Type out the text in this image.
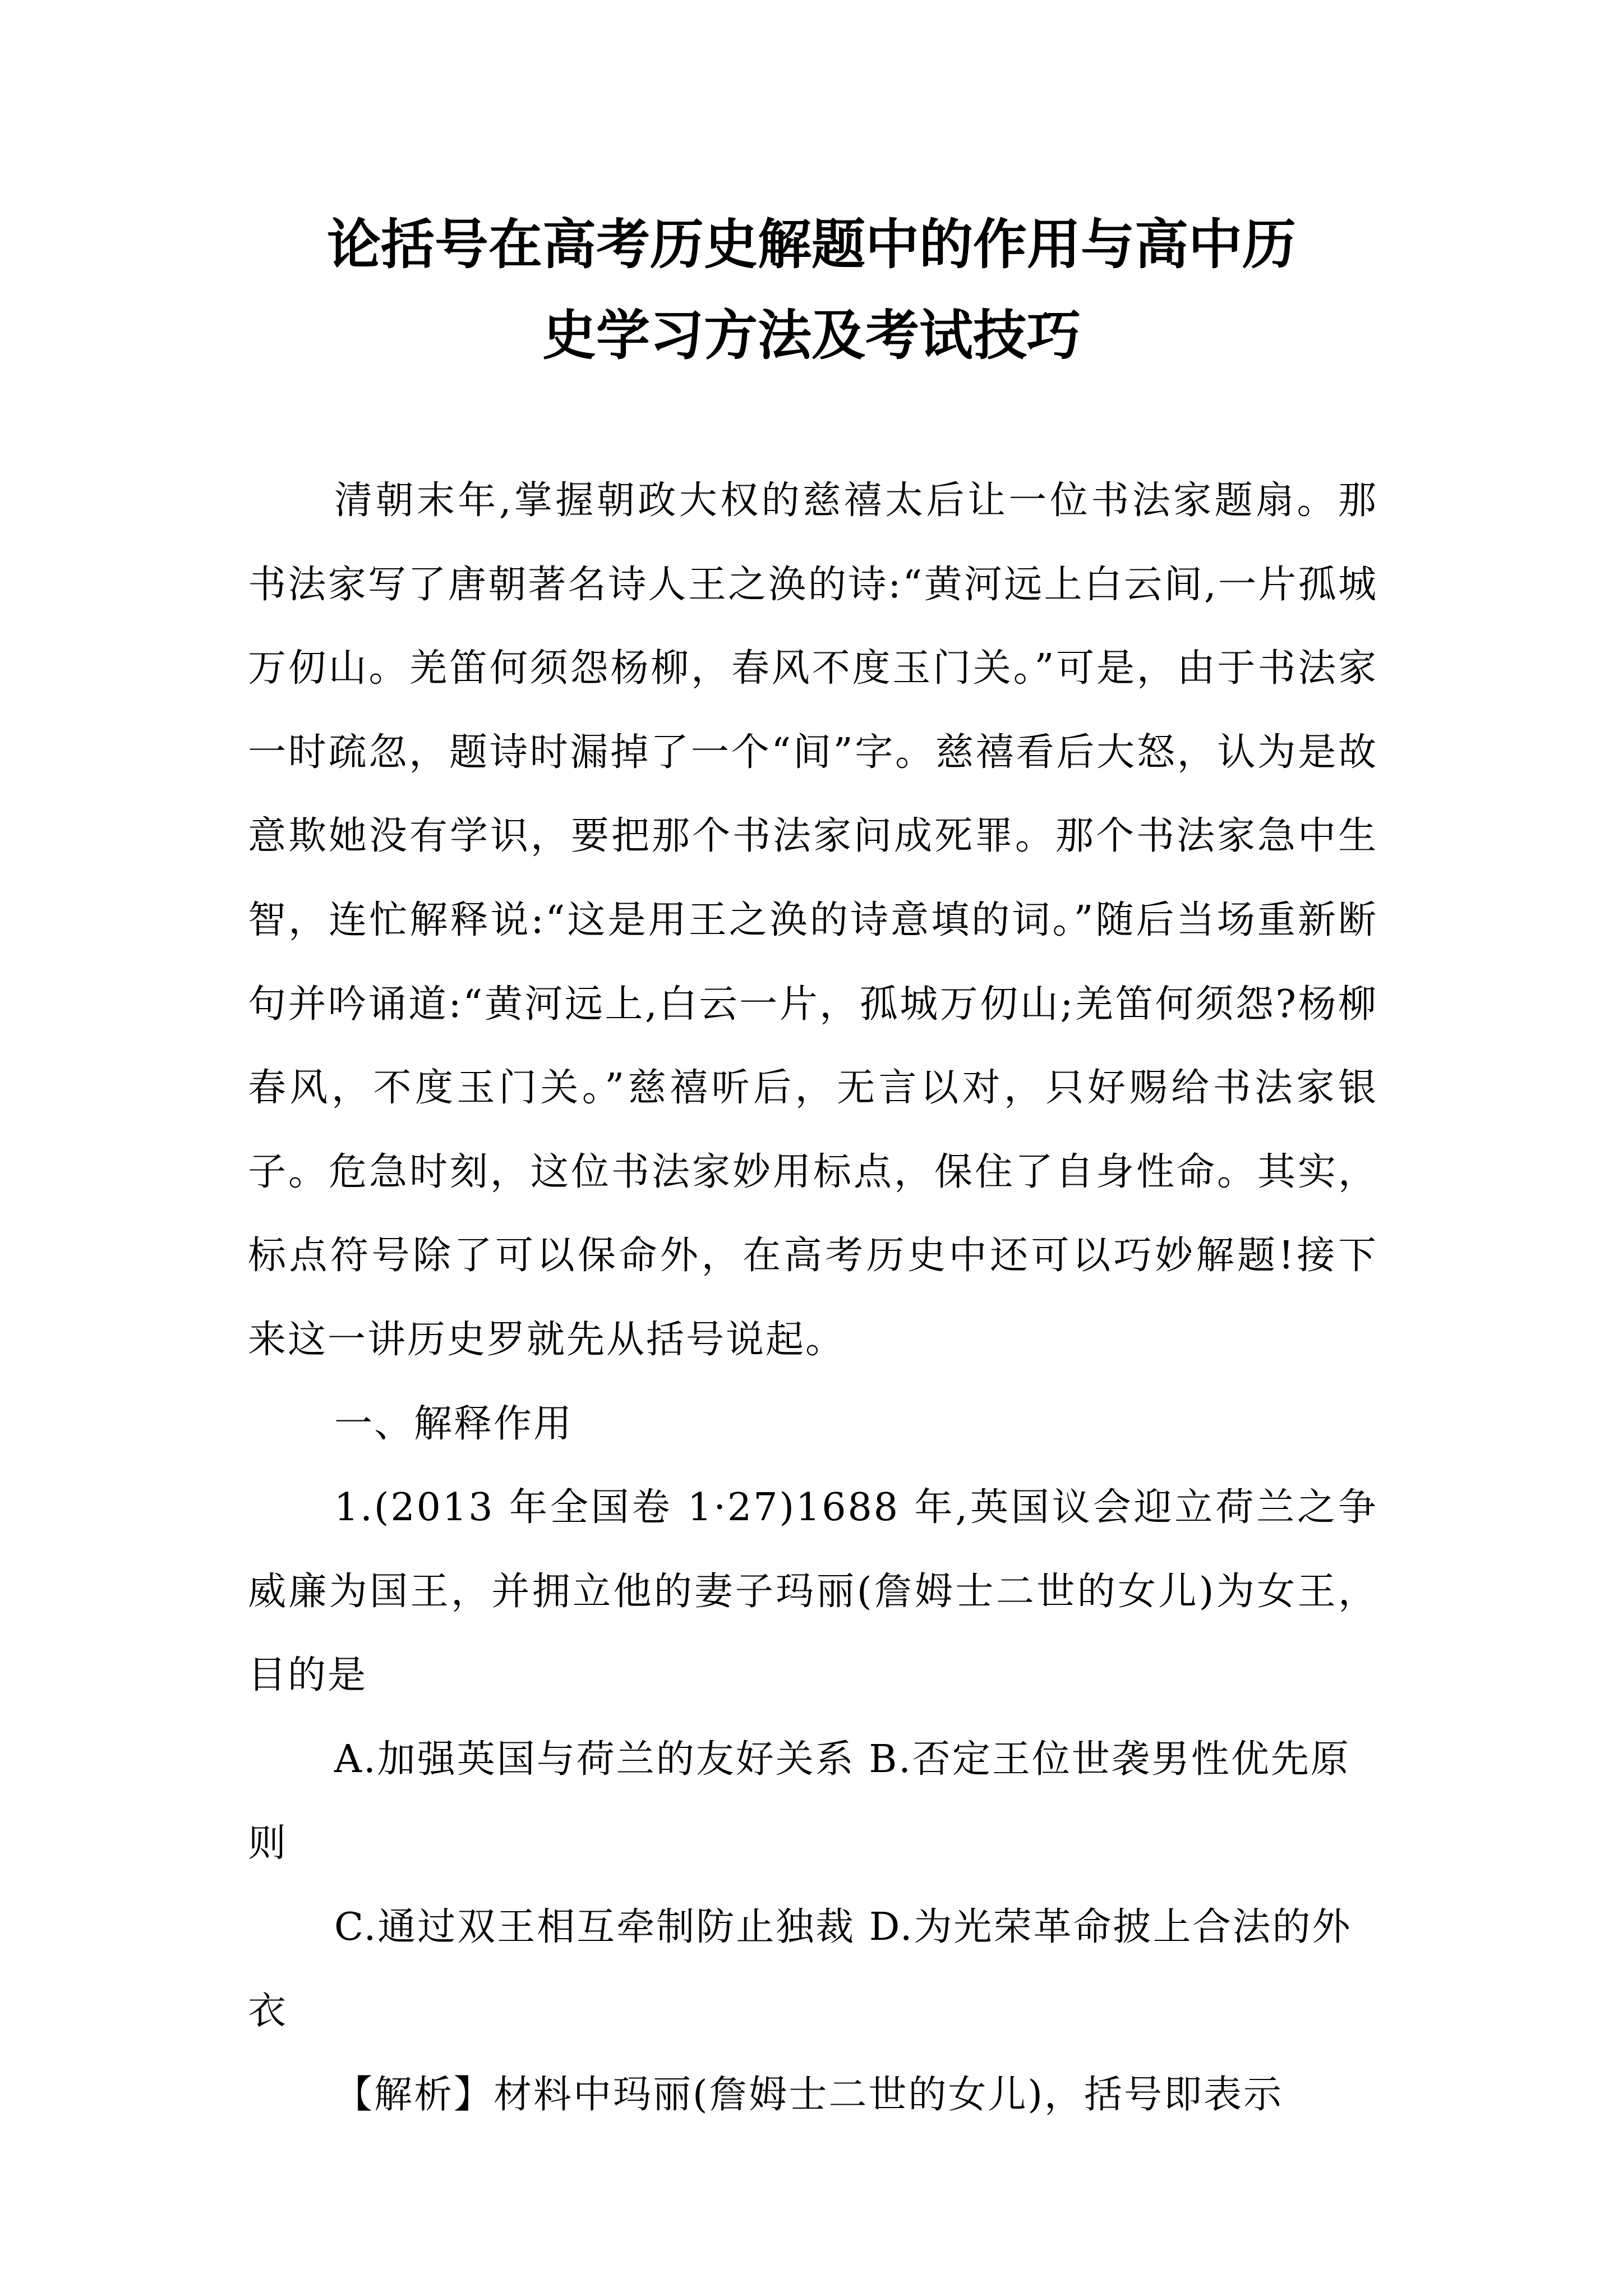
论括号在高考历史解题中的作用与高中历
史学习方法及考试技巧

清朝末年,掌握朝政大权的慈禧太后让一位书法家题扇。那书法家写了唐朝著名诗人王之涣的诗:“黄河远上白云间,一片孤城万仞山。羌笛何须怨杨柳，春风不度玉门关。”可是，由于书法家一时疏忽，题诗时漏掉了一个“间”字。慈禧看后大怒，认为是故意欺她没有学识，要把那个书法家问成死罪。那个书法家急中生智，连忙解释说:“这是用王之涣的诗意填的词。”随后当场重新断句并吟诵道:“黄河远上,白云一片，孤城万仞山;羌笛何须怨?杨柳春风，不度玉门关。”慈禧听后，无言以对，只好赐给书法家银子。危急时刻，这位书法家妙用标点，保住了自身性命。其实，标点符号除了可以保命外，在高考历史中还可以巧妙解题!接下来这一讲历史罗就先从括号说起。

一、解释作用

1.(2013 年全国卷 1·27)1688 年,英国议会迎立荷兰之争威廉为国王，并拥立他的妻子玛丽(詹姆士二世的女儿)为女王，目的是

A.加强英国与荷兰的友好关系 B.否定王位世袭男性优先原则

C.通过双王相互牵制防止独裁 D.为光荣革命披上合法的外衣

【解析】材料中玛丽(詹姆士二世的女儿)，括号即表示
